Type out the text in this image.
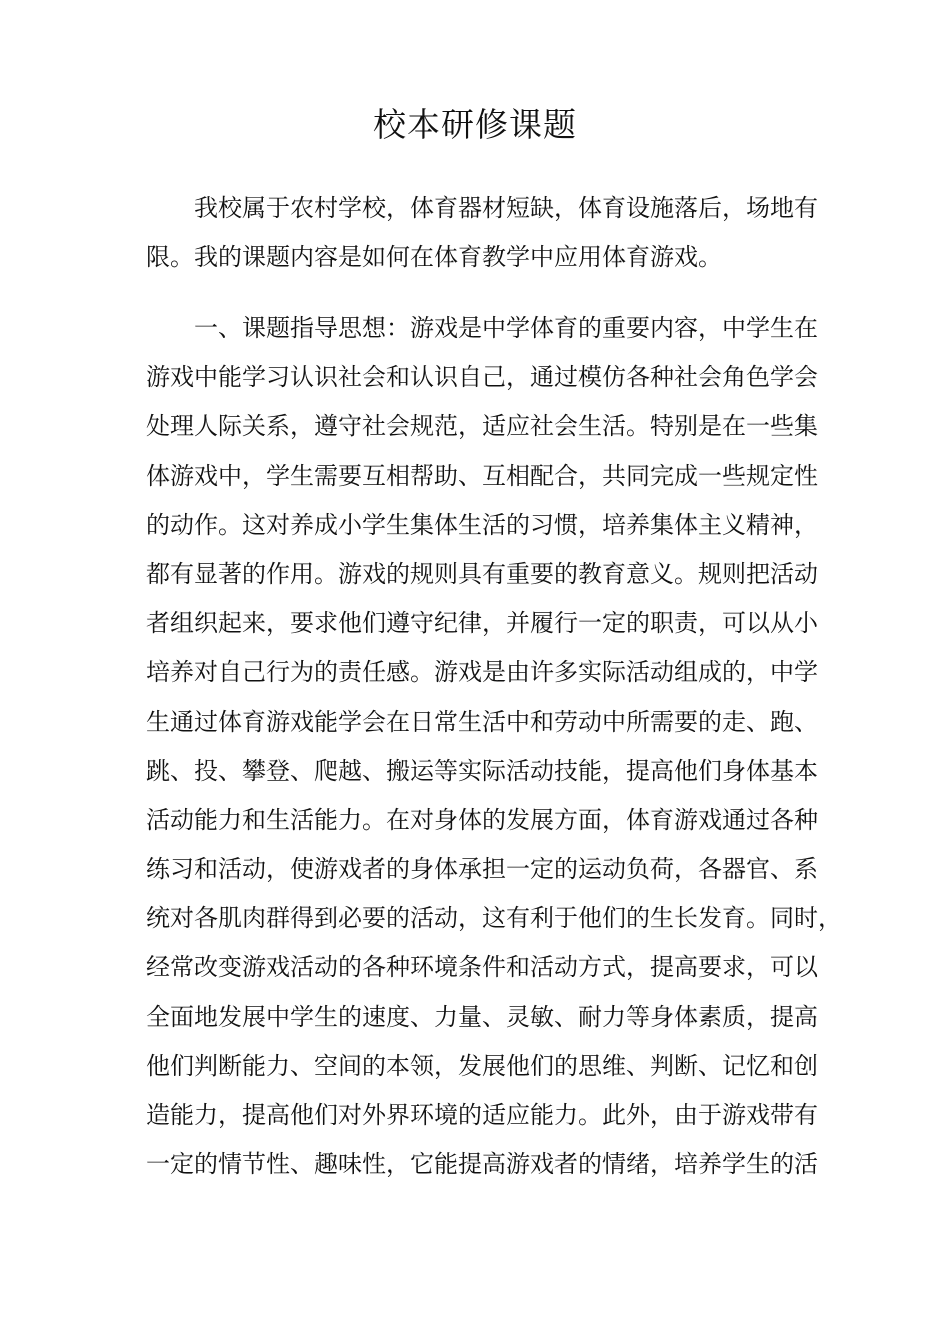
校本研修课题
我校属于农村学校，体育器材短缺，体育设施落后，场地有
限。我的课题内容是如何在体育教学中应用体育游戏。
一、课题指导思想：游戏是中学体育的重要内容，中学生在
游戏中能学习认识社会和认识自己，通过模仿各种社会角色学会
处理人际关系，遵守社会规范，适应社会生活。特别是在一些集
体游戏中，学生需要互相帮助、互相配合，共同完成一些规定性
的动作。这对养成小学生集体生活的习惯，培养集体主义精神，
都有显著的作用。游戏的规则具有重要的教育意义。规则把活动
者组织起来，要求他们遵守纪律，并履行一定的职责，可以从小
培养对自己行为的责任感。游戏是由许多实际活动组成的，中学
生通过体育游戏能学会在日常生活中和劳动中所需要的走、跑、
跳、投、攀登、爬越、搬运等实际活动技能，提高他们身体基本
活动能力和生活能力。在对身体的发展方面，体育游戏通过各种
练习和活动，使游戏者的身体承担一定的运动负荷，各器官、系
统对各肌肉群得到必要的活动，这有利于他们的生长发育。同时，
经常改变游戏活动的各种环境条件和活动方式，提高要求，可以
全面地发展中学生的速度、力量、灵敏、耐力等身体素质，提高
他们判断能力、空间的本领，发展他们的思维、判断、记忆和创
造能力，提高他们对外界环境的适应能力。此外，由于游戏带有
一定的情节性、趣味性，它能提高游戏者的情绪，培养学生的活
